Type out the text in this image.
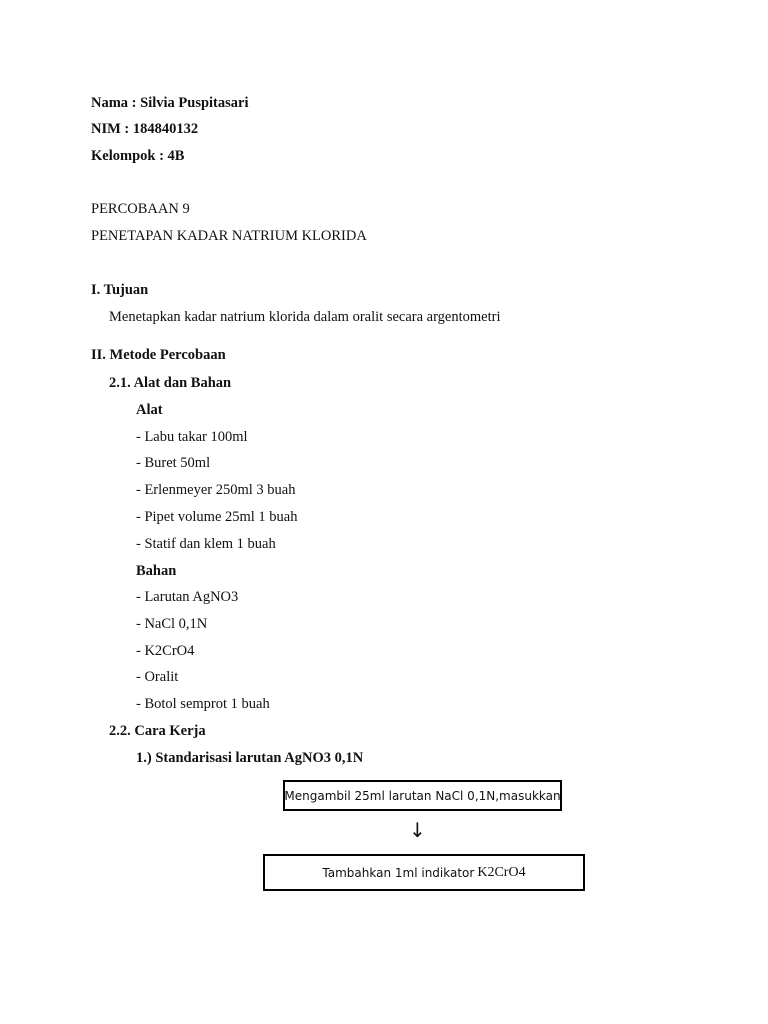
Nama : Silvia Puspitasari
NIM : 184840132
Kelompok : 4B
PERCOBAAN 9
PENETAPAN KADAR NATRIUM KLORIDA
I. Tujuan
Menetapkan kadar natrium klorida dalam oralit secara argentometri
II. Metode Percobaan
2.1. Alat dan Bahan
Alat
- Labu takar 100ml
- Buret 50ml
- Erlenmeyer 250ml 3 buah
- Pipet volume 25ml 1 buah
- Statif dan klem 1 buah
Bahan
- Larutan AgNO3
- NaCl 0,1N
- K2CrO4
- Oralit
- Botol semprot 1 buah
2.2. Cara Kerja
1.) Standarisasi larutan AgNO3 0,1N
Mengambil 25ml larutan NaCl 0,1N,masukkan
↓
Tambahkan 1ml indikator K2CrO4
